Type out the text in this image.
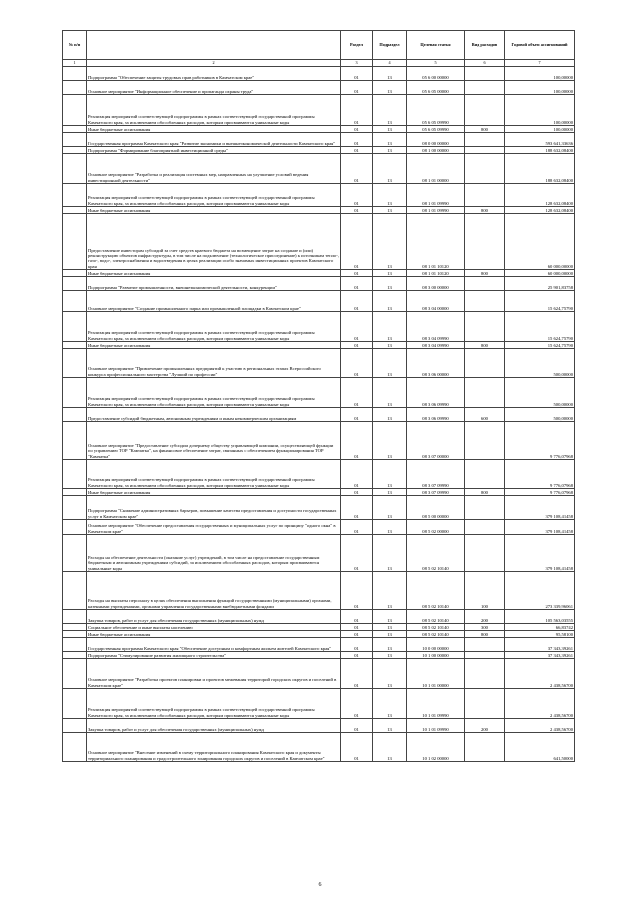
№ п/п		Раздел	Подраздел	Целевая статья	Вид расходов	Годовой объем ассигнований
1	2	3	4	5	6	7
	Подпрограмма "Обеспечение защиты трудовых прав работников в Камчатском крае"	01	13	05 6 00 00000		100,00000
	Основное мероприятие "Информационное обеспечение и пропаганда охраны труда"	01	13	05 6 05 00000		100,00000
	Реализация мероприятий соответствующей подпрограммы в рамках соответствующей государственной программы Камчатского края, за исключением обособленных расходов, которым присваиваются уникальные коды	01	13	05 6 05 09990		100,00000
	Иные бюджетные ассигнования	01	13	05 6 05 09990	800	100,00000
	Государственная программа Камчатского края "Развитие экономики и внешнеэкономической деятельности Камчатского края"	01	13	08 0 00 00000		593 641,33636
	Подпрограмма "Формирование благоприятной инвестиционной среды"	01	13	08 1 00 00000		188 632,08400
	Основное мероприятие "Разработка и реализация системных мер, направленных на улучшение условий ведения инвестиционной деятельности"	01	13	08 1 01 00000		188 632,08400
	Реализация мероприятий соответствующей подпрограммы в рамках соответствующей государственной программы Камчатского края, за исключением обособленных расходов, которым присваиваются уникальные коды	01	13	08 1 01 09990		128 632,08400
	Иные бюджетные ассигнования	01	13	08 1 01 09990	800	128 632,08400
	Предоставление инвесторам субсидий за счет средств краевого бюджета на возмещение затрат на создание и (или) реконструкцию объектов инфраструктуры, в том числе на подключение (технологическое присоединение) к источникам тепло-, газо-, водо-, электроснабжения и водоотведения в целях реализации особо значимых инвестиционных проектов Камчатского края	01	13	08 1 01 10120		60 000,00000
	Иные бюджетные ассигнования	01	13	08 1 01 10120	800	60 000,00000
	Подпрограмма "Развитие промышленности, внешнеэкономической деятельности, конкуренции"	01	13	08 3 00 00000		25 901,83758
	Основное мероприятие "Создание промышленного парка или промышленной площадки в Камчатском крае"	01	13	08 3 04 00000		15 624,75790
	Реализация мероприятий соответствующей подпрограммы в рамках соответствующей государственной программы Камчатского края, за исключением обособленных расходов, которым присваиваются уникальные коды	01	13	08 3 04 09990		15 624,75790
	Иные бюджетные ассигнования	01	13	08 3 04 09990	800	15 624,75790
	Основное мероприятие "Привлечение промышленных предприятий к участию в региональных этапах Всероссийского конкурса профессионального мастерства "Лучший по профессии"	01	13	08 3 06 00000		500,00000
	Реализация мероприятий соответствующей подпрограммы в рамках соответствующей государственной программы Камчатского края, за исключением обособленных расходов, которым присваиваются уникальные коды	01	13	08 3 06 09990		500,00000
	Предоставление субсидий бюджетным, автономным учреждениям и иным некоммерческим организациям	01	13	08 3 06 09990	600	500,00000
	Основное мероприятие "Предоставление субсидии дочернему обществу управляющей компании, осуществляющей функции по управлению ТОР "Камчатка", на финансовое обеспечение затрат, связанных с обеспечением функционирования ТОР "Камчатка"	01	13	08 3 07 00000		9 776,07968
	Реализация мероприятий соответствующей подпрограммы в рамках соответствующей государственной программы Камчатского края, за исключением обособленных расходов, которым присваиваются уникальные коды	01	13	08 3 07 09990		9 776,07968
	Иные бюджетные ассигнования	01	13	08 3 07 09990	800	9 776,07968
	Подпрограмма "Снижение административных барьеров, повышение качества предоставления и доступности государственных услуг в Камчатском крае"	01	13	08 5 00 00000		379 108,41458
	Основное мероприятие "Обеспечение предоставления государственных и муниципальных услуг по принципу "одного окна" в Камчатском крае"	01	13	08 5 02 00000		379 108,41458
	Расходы на обеспечение деятельности (оказание услуг) учреждений, в том числе на предоставление государственным бюджетным и автономным учреждениям субсидий, за исключением обособленных расходов, которым присваиваются уникальные коды	01	13	08 5 02 10140		379 108,41458
	Расходы на выплаты персоналу в целях обеспечения выполнения функций государственными (муниципальными) органами, казенными учреждениями, органами управления государственными внебюджетными фондами	01	13	08 5 02 10140	100	273 339,96061
	Закупка товаров, работ и услуг для обеспечения государственных (муниципальных) нужд	01	13	08 5 02 10140	200	105 563,03555
	Социальное обеспечение и иные выплаты населению	01	13	08 5 02 10140	300	66,83742
	Иные бюджетные ассигнования	01	13	08 5 02 10140	800	95,58100
	Государственная программа Камчатского края "Обеспечение доступным и комфортным жильем жителей Камчатского края"	01	13	10 0 00 00000		37 343,39261
	Подпрограмма "Стимулирование развития жилищного строительства"	01	13	10 1 00 00000		37 343,39261
	Основное мероприятие "Разработка проектов планировки и проектов межевания территорий городских округов и поселений в Камчатском крае"	01	13	10 1 01 00000		2 438,56700
	Реализация мероприятий соответствующей подпрограммы в рамках соответствующей государственной программы Камчатского края, за исключением обособленных расходов, которым присваиваются уникальные коды	01	13	10 1 01 09990		2 438,56700
	Закупка товаров, работ и услуг для обеспечения государственных (муниципальных) нужд	01	13	10 1 01 09990	200	2 438,56700
	Основное мероприятие "Внесение изменений в схему территориального планирования Камчатского края и документы территориального планирования и градостроительного зонирования городских округов и поселений в Камчатском крае"	01	13	10 1 02 00000		641,50000
6
